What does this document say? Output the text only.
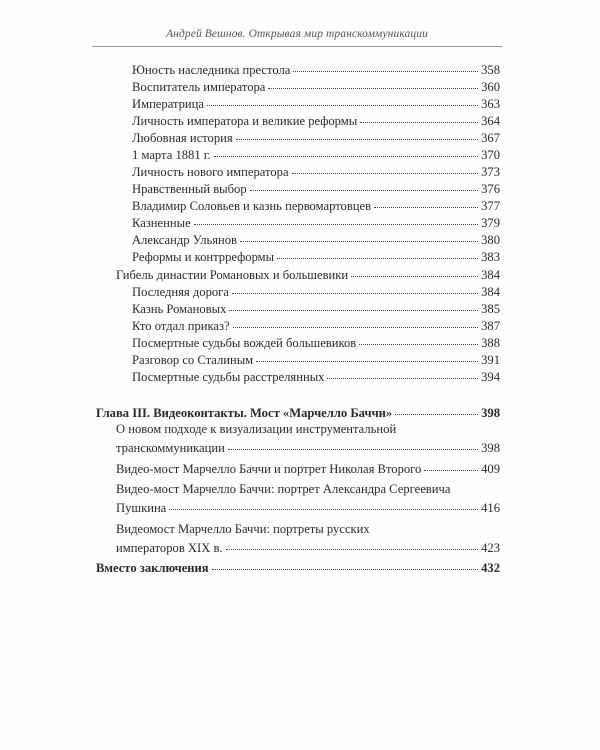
Андрей Вешнов. Открывая мир транскоммуникации
Юность наследника престола	358
Воспитатель императора	360
Императрица	363
Личность императора и великие реформы	364
Любовная история	367
1 марта 1881 г.	370
Личность нового императора	373
Нравственный выбор	376
Владимир Соловьев и казнь первомартовцев	377
Казненные	379
Александр Ульянов	380
Реформы и контрреформы	383
Гибель династии Романовых и большевики	384
Последняя дорога	384
Казнь Романовых	385
Кто отдал приказ?	387
Посмертные судьбы вождей большевиков	388
Разговор со Сталиным	391
Посмертные судьбы расстрелянных	394
Глава III. Видеоконтакты. Мост «Марчелло Баччи»	398
О новом подходе к визуализации инструментальной
транскоммуникации	398
Видео-мост Марчелло Баччи и портрет Николая Второго	409
Видео-мост Марчелло Баччи: портрет Александра Сергеевича
Пушкина	416
Видеомост Марчелло Баччи: портреты русских
императоров XIX в.	423
Вместо заключения	432
